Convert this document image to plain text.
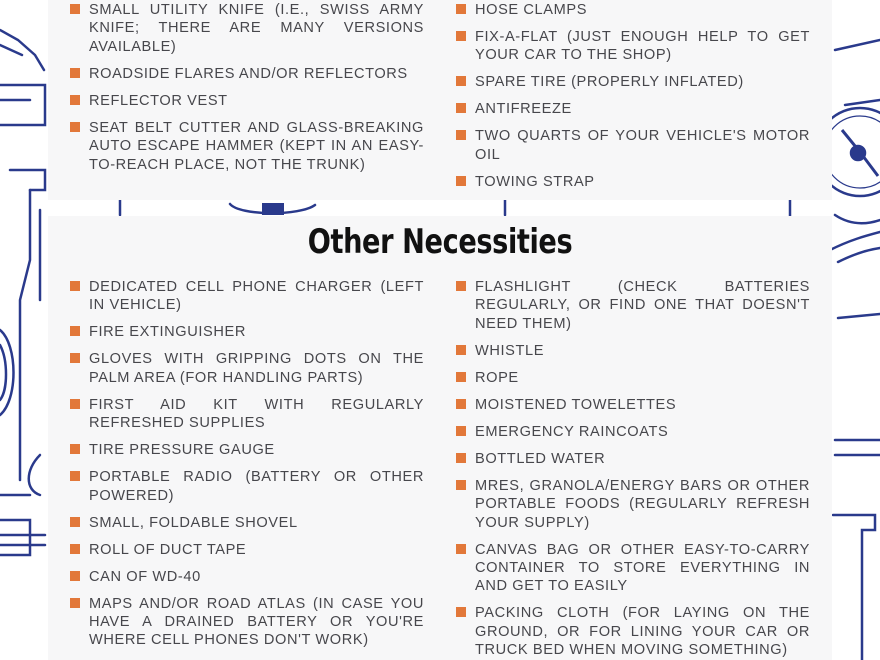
SMALL UTILITY KNIFE (I.E., SWISS ARMY KNIFE; THERE ARE MANY VERSIONS AVAILABLE)
ROADSIDE FLARES AND/OR REFLECTORS
REFLECTOR VEST
SEAT BELT CUTTER AND GLASS-BREAKING AUTO ESCAPE HAMMER (KEPT IN AN EASY-TO-REACH PLACE, NOT THE TRUNK)
HOSE CLAMPS
FIX-A-FLAT (JUST ENOUGH HELP TO GET YOUR CAR TO THE SHOP)
SPARE TIRE (PROPERLY INFLATED)
ANTIFREEZE
TWO QUARTS OF YOUR VEHICLE'S MOTOR OIL
TOWING STRAP
Other Necessities
DEDICATED CELL PHONE CHARGER (LEFT IN VEHICLE)
FIRE EXTINGUISHER
GLOVES WITH GRIPPING DOTS ON THE PALM AREA (FOR HANDLING PARTS)
FIRST AID KIT WITH REGULARLY REFRESHED SUPPLIES
TIRE PRESSURE GAUGE
PORTABLE RADIO (BATTERY OR OTHER POWERED)
SMALL, FOLDABLE SHOVEL
ROLL OF DUCT TAPE
CAN OF WD-40
MAPS AND/OR ROAD ATLAS (IN CASE YOU HAVE A DRAINED BATTERY OR YOU'RE WHERE CELL PHONES DON'T WORK)
FLASHLIGHT (CHECK BATTERIES REGULARLY, OR FIND ONE THAT DOESN'T NEED THEM)
WHISTLE
ROPE
MOISTENED TOWELETTES
EMERGENCY RAINCOATS
BOTTLED WATER
MRES, GRANOLA/ENERGY BARS OR OTHER PORTABLE FOODS (REGULARLY REFRESH YOUR SUPPLY)
CANVAS BAG OR OTHER EASY-TO-CARRY CONTAINER TO STORE EVERYTHING IN AND GET TO EASILY
PACKING CLOTH (FOR LAYING ON THE GROUND, OR FOR LINING YOUR CAR OR TRUCK BED WHEN MOVING SOMETHING)
